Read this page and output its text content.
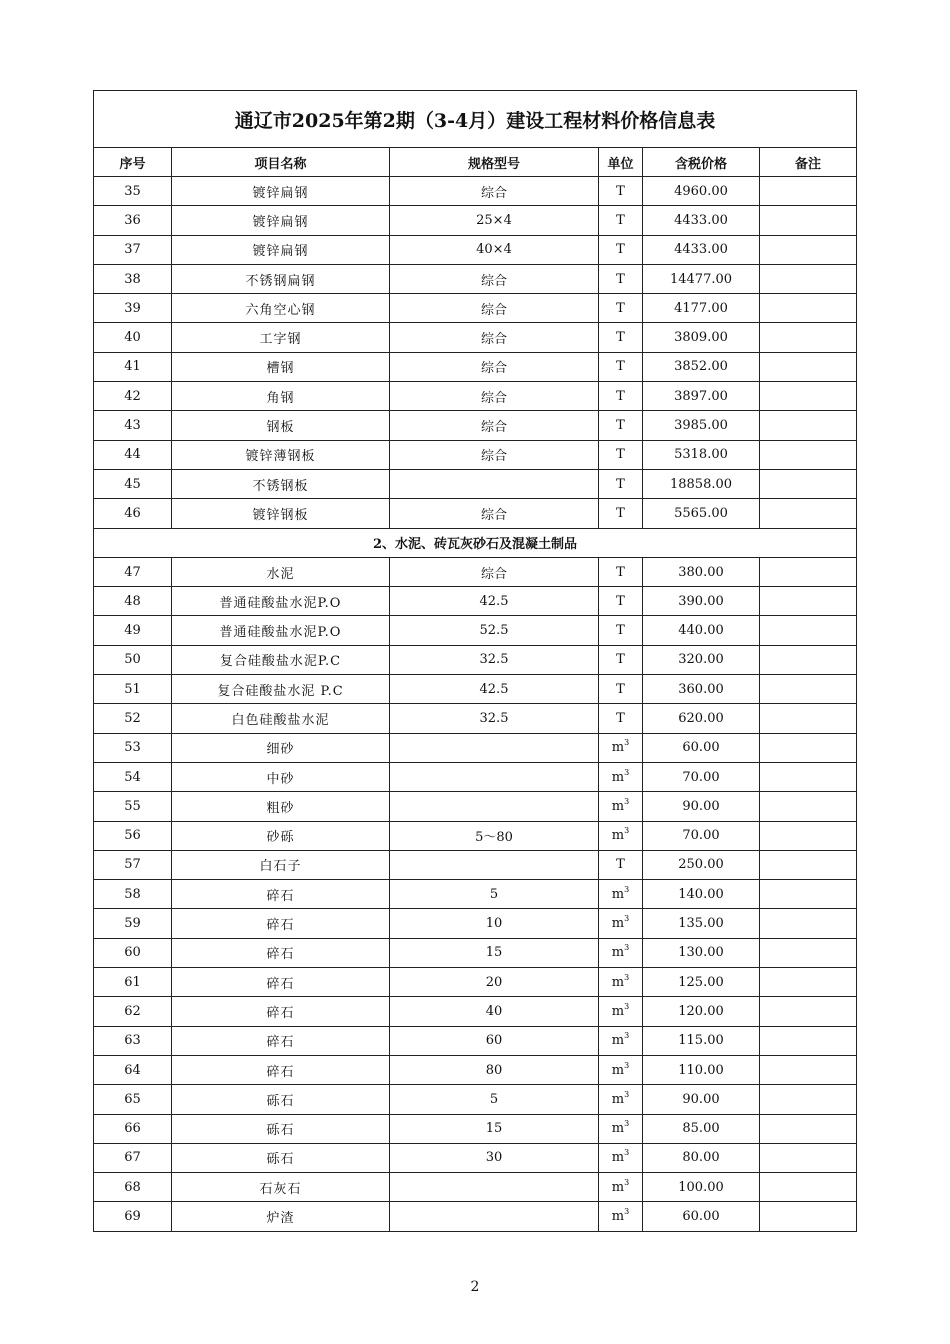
通辽市2025年第2期（3-4月）建设工程材料价格信息表					
序号	项目名称	规格型号	单位	含税价格	备注
35	镀锌扁钢	综合	T	4960.00	
36	镀锌扁钢	25×4	T	4433.00	
37	镀锌扁钢	40×4	T	4433.00	
38	不锈钢扁钢	综合	T	14477.00	
39	六角空心钢	综合	T	4177.00	
40	工字钢	综合	T	3809.00	
41	槽钢	综合	T	3852.00	
42	角钢	综合	T	3897.00	
43	钢板	综合	T	3985.00	
44	镀锌薄钢板	综合	T	5318.00	
45	不锈钢板		T	18858.00	
46	镀锌钢板	综合	T	5565.00	
2、水泥、砖瓦灰砂石及混凝土制品					
47	水泥	综合	T	380.00	
48	普通硅酸盐水泥P.O	42.5	T	390.00	
49	普通硅酸盐水泥P.O	52.5	T	440.00	
50	复合硅酸盐水泥P.C	32.5	T	320.00	
51	复合硅酸盐水泥 P.C	42.5	T	360.00	
52	白色硅酸盐水泥	32.5	T	620.00	
53	细砂		$m^3$	60.00	
54	中砂		$m^3$	70.00	
55	粗砂		$m^3$	90.00	
56	砂砾	5～80	$m^3$	70.00	
57	白石子		T	250.00	
58	碎石	5	$m^3$	140.00	
59	碎石	10	$m^3$	135.00	
60	碎石	15	$m^3$	130.00	
61	碎石	20	$m^3$	125.00	
62	碎石	40	$m^3$	120.00	
63	碎石	60	$m^3$	115.00	
64	碎石	80	$m^3$	110.00	
65	砾石	5	$m^3$	90.00	
66	砾石	15	$m^3$	85.00	
67	砾石	30	$m^3$	80.00	
68	石灰石		$m^3$	100.00	
69	炉渣		$m^3$	60.00	
2
